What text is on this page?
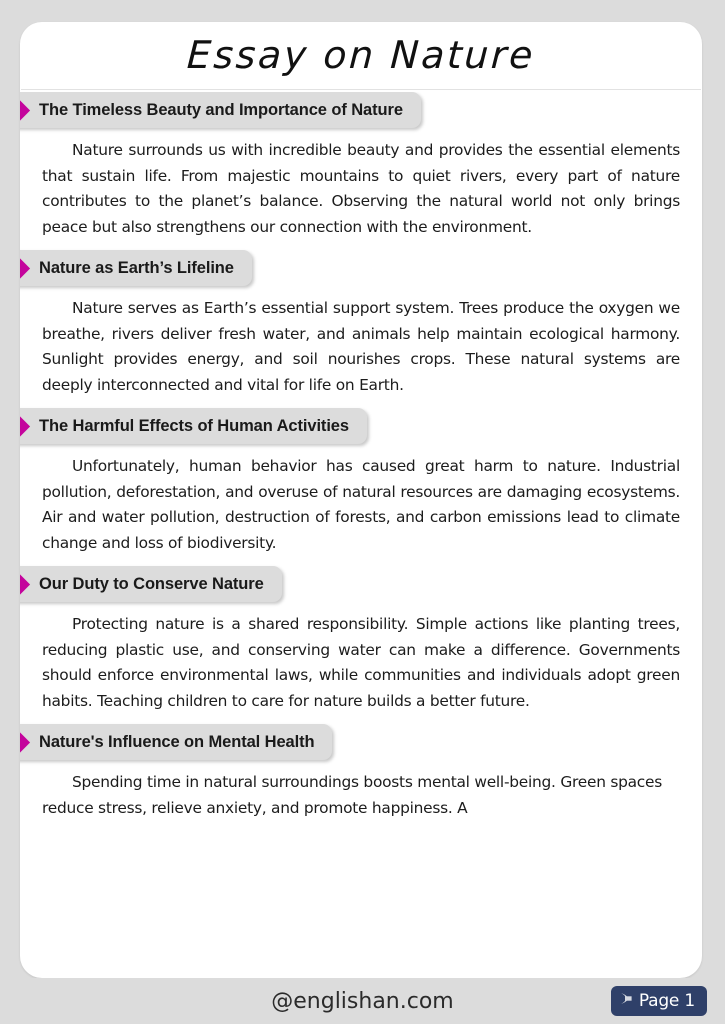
Essay on Nature
The Timeless Beauty and Importance of Nature

Nature surrounds us with incredible beauty and provides the essential elements that sustain life. From majestic mountains to quiet rivers, every part of nature contributes to the planet’s balance. Observing the natural world not only brings peace but also strengthens our connection with the environment.

Nature as Earth’s Lifeline

Nature serves as Earth’s essential support system. Trees produce the oxygen we breathe, rivers deliver fresh water, and animals help maintain ecological harmony. Sunlight provides energy, and soil nourishes crops. These natural systems are deeply interconnected and vital for life on Earth.

The Harmful Effects of Human Activities

Unfortunately, human behavior has caused great harm to nature. Industrial pollution, deforestation, and overuse of natural resources are damaging ecosystems. Air and water pollution, destruction of forests, and carbon emissions lead to climate change and loss of biodiversity.

Our Duty to Conserve Nature

Protecting nature is a shared responsibility. Simple actions like planting trees, reducing plastic use, and conserving water can make a difference. Governments should enforce environmental laws, while communities and individuals adopt green habits. Teaching children to care for nature builds a better future.

Nature's Influence on Mental Health

Spending time in natural surroundings boosts mental well-being. Green spaces reduce stress, relieve anxiety, and promote happiness. A

@englishan.com	Page 1
